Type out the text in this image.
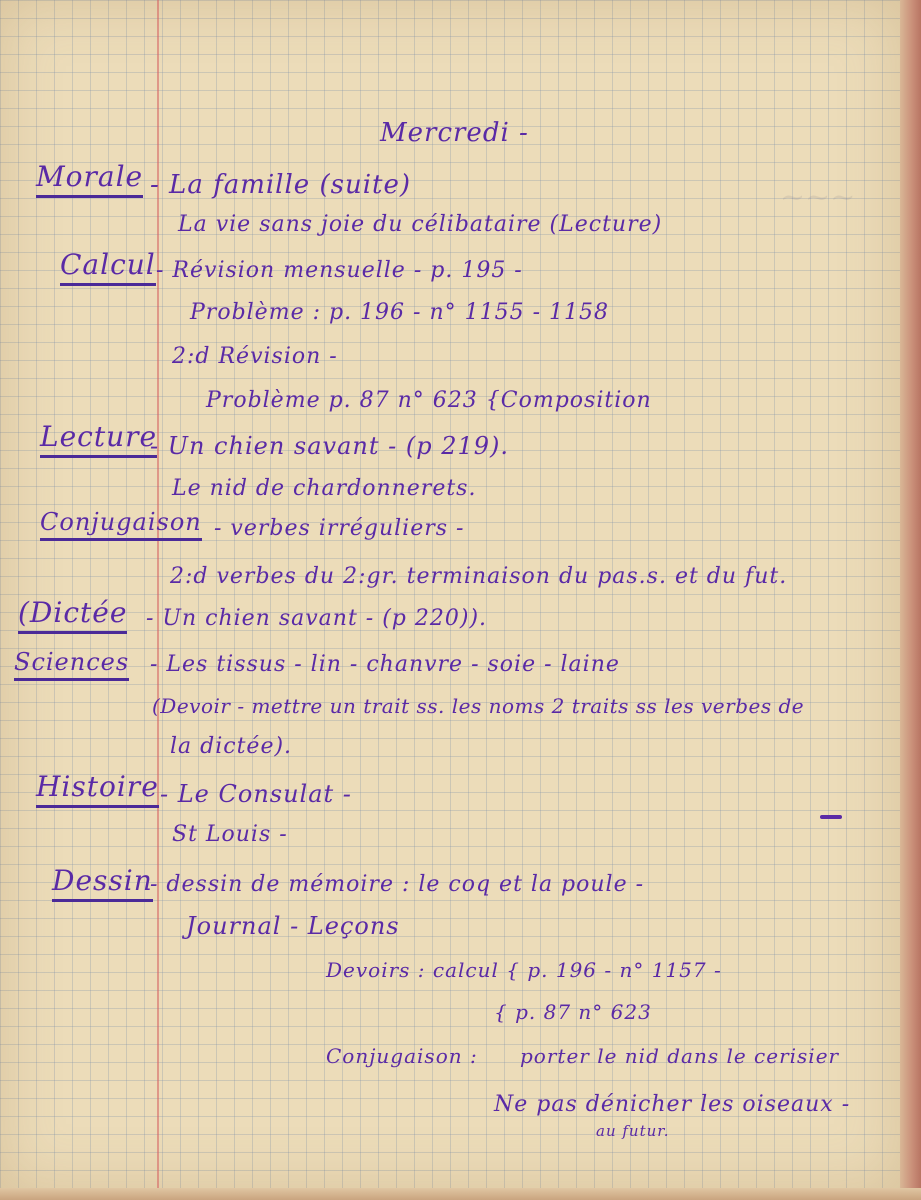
~~~
Mercredi -
Morale - La famille (suite)
La vie sans joie du célibataire (Lecture)
Calcul - Révision mensuelle - p. 195 -
Problème : p. 196 - n° 1155 - 1158
2:d Révision -
Problème p. 87 n° 623 {Composition
Lecture
- Un chien savant - (p 219).
Le nid de chardonnerets.
Conjugaison - verbes irréguliers -
2:d verbes du 2:gr. terminaison du pas.s. et du fut.
(Dictée - Un chien savant - (p 220)).
Sciences - Les tissus - lin - chanvre - soie - laine
(Devoir - mettre un trait ss. les noms 2 traits ss les verbes de
la dictée).
Histoire - Le Consulat -
St Louis -
Dessin
- dessin de mémoire : le coq et la poule -
Journal - Leçons
Devoirs : calcul { p. 196 - n° 1157 -
{ p. 87 n° 623
Conjugaison : porter le nid dans le cerisier
Ne pas dénicher les oiseaux -
au futur.
